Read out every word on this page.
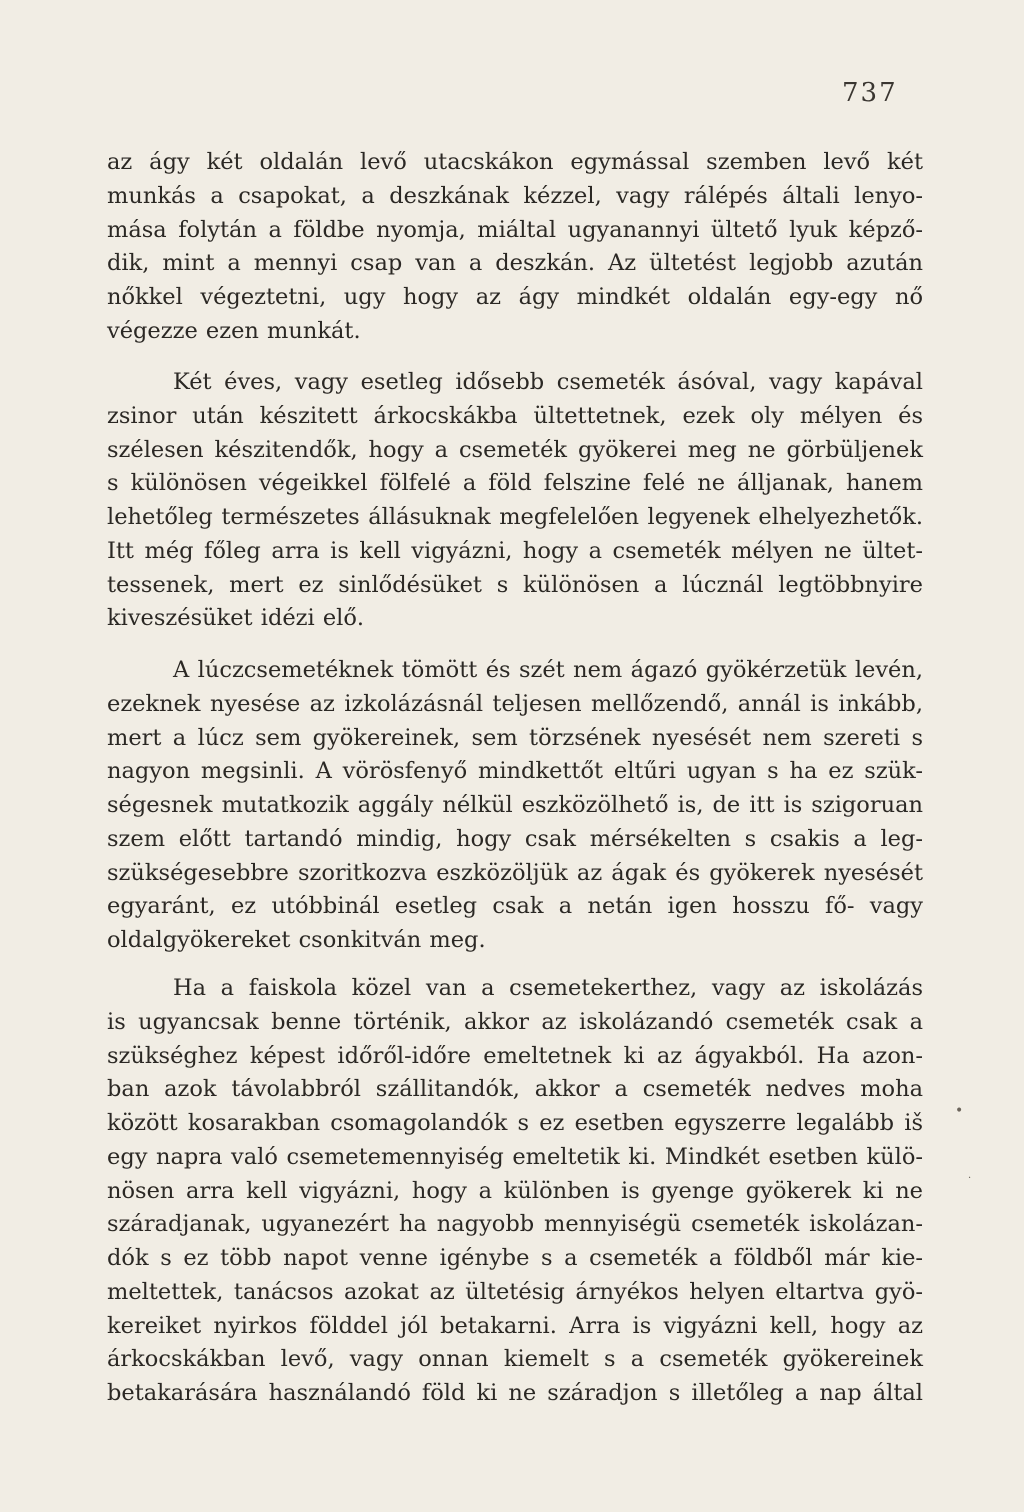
737
az ágy két oldalán levő utacskákon egymással szemben levő két
munkás a csapokat, a deszkának kézzel, vagy rálépés általi lenyo-
mása folytán a földbe nyomja, miáltal ugyanannyi ültető lyuk képző-
dik, mint a mennyi csap van a deszkán. Az ültetést legjobb azután
nőkkel végeztetni, ugy hogy az ágy mindkét oldalán egy-egy nő
végezze ezen munkát.
Két éves, vagy esetleg idősebb csemeték ásóval, vagy kapával
zsinor után készitett árkocskákba ültettetnek, ezek oly mélyen és
szélesen készitendők, hogy a csemeték gyökerei meg ne görbüljenek
s különösen végeikkel fölfelé a föld felszine felé ne álljanak, hanem
lehetőleg természetes állásuknak megfelelően legyenek elhelyezhetők.
Itt még főleg arra is kell vigyázni, hogy a csemeték mélyen ne ültet-
tessenek, mert ez sinlődésüket s különösen a lúcznál legtöbbnyire
kiveszésüket idézi elő.
A lúczcsemetéknek tömött és szét nem ágazó gyökérzetük levén,
ezeknek nyesése az izkolázásnál teljesen mellőzendő, annál is inkább,
mert a lúcz sem gyökereinek, sem törzsének nyesését nem szereti s
nagyon megsinli. A vörösfenyő mindkettőt eltűri ugyan s ha ez szük-
ségesnek mutatkozik aggály nélkül eszközölhető is, de itt is szigoruan
szem előtt tartandó mindig, hogy csak mérsékelten s csakis a leg-
szükségesebbre szoritkozva eszközöljük az ágak és gyökerek nyesését
egyaránt, ez utóbbinál esetleg csak a netán igen hosszu fő- vagy
oldalgyökereket csonkitván meg.
Ha a faiskola közel van a csemetekerthez, vagy az iskolázás
is ugyancsak benne történik, akkor az iskolázandó csemeték csak a
szükséghez képest időről-időre emeltetnek ki az ágyakból. Ha azon-
ban azok távolabbról szállitandók, akkor a csemeték nedves moha
között kosarakban csomagolandók s ez esetben egyszerre legalább iš
egy napra való csemetemennyiség emeltetik ki. Mindkét esetben külö-
nösen arra kell vigyázni, hogy a különben is gyenge gyökerek ki ne
száradjanak, ugyanezért ha nagyobb mennyiségü csemeték iskolázan-
dók s ez több napot venne igénybe s a csemeték a földből már kie-
meltettek, tanácsos azokat az ültetésig árnyékos helyen eltartva gyö-
kereiket nyirkos földdel jól betakarni. Arra is vigyázni kell, hogy az
árkocskákban levő, vagy onnan kiemelt s a csemeték gyökereinek
betakarására használandó föld ki ne száradjon s illetőleg a nap által
•
·
